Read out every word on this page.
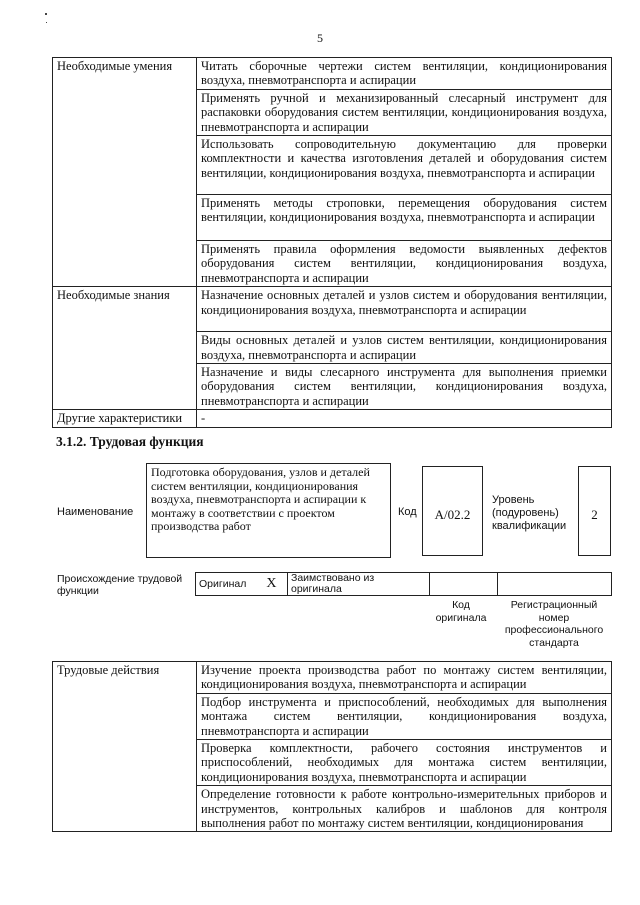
5
Необходимые умения	Читать сборочные чертежи систем вентиляции, кондиционирования воздуха, пневмотранспорта и аспирации
	Применять ручной и механизированный слесарный инструмент для распаковки оборудования систем вентиляции, кондиционирования воздуха, пневмотранспорта и аспирации
	Использовать сопроводительную документацию для проверки комплектности и качества изготовления деталей и оборудования систем вентиляции, кондиционирования воздуха, пневмотранспорта и аспирации
	Применять методы строповки, перемещения оборудования систем вентиляции, кондиционирования воздуха, пневмотранспорта и аспирации
	Применять правила оформления ведомости выявленных дефектов оборудования систем вентиляции, кондиционирования воздуха, пневмотранспорта и аспирации
Необходимые знания	Назначение основных деталей и узлов систем и оборудования вентиляции, кондиционирования воздуха, пневмотранспорта и аспирации
	Виды основных деталей и узлов систем вентиляции, кондиционирования воздуха, пневмотранспорта и аспирации
	Назначение и виды слесарного инструмента для выполнения приемки оборудования систем вентиляции, кондиционирования воздуха, пневмотранспорта и аспирации
Другие характеристики	-
3.1.2. Трудовая функция
Наименование
Подготовка оборудования, узлов и деталей систем вентиляции, кондиционирования воздуха, пневмотранспорта и аспирации к монтажу в соответствии с проектом производства работ
Код	A/02.2
Уровень (подуровень) квалификации
2
Происхождение трудовой функции
Оригинал X	Заимствовано из оригинала		
Код оригинала
Регистрационный номер профессионального стандарта
Трудовые действия	Изучение проекта производства работ по монтажу систем вентиляции, кондиционирования воздуха, пневмотранспорта и аспирации
Подбор инструмента и приспособлений, необходимых для выполнения монтажа систем вентиляции, кондиционирования воздуха, пневмотранспорта и аспирации
Проверка комплектности, рабочего состояния инструментов и приспособлений, необходимых для монтажа систем вентиляции, кондиционирования воздуха, пневмотранспорта и аспирации
Определение готовности к работе контрольно-измерительных приборов и инструментов, контрольных калибров и шаблонов для контроля выполнения работ по монтажу систем вентиляции, кондиционирования
